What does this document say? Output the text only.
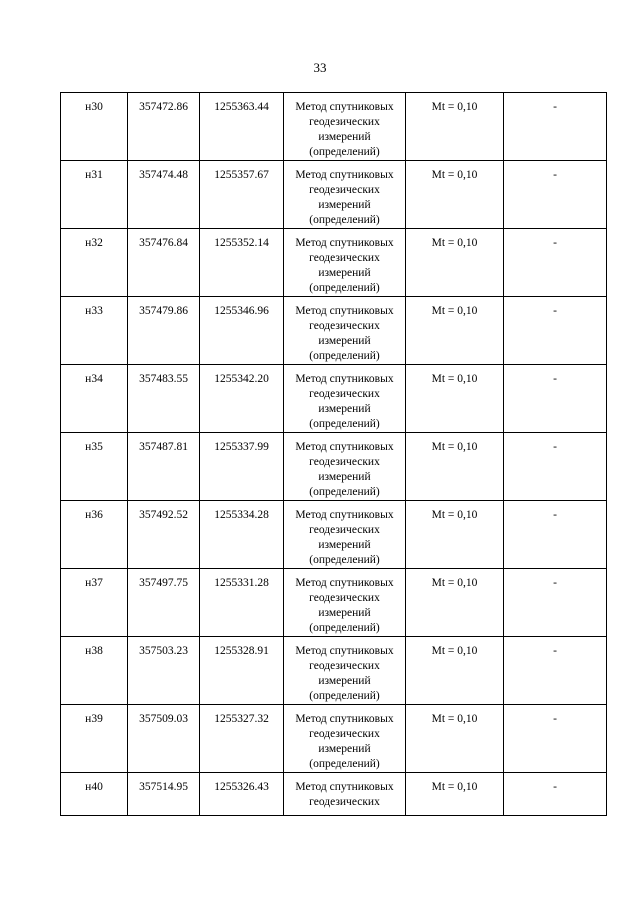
33
н30	357472.86	1255363.44	Метод спутниковых
геодезических
измерений
(определений)	Mt = 0,10	-
н31	357474.48	1255357.67	Метод спутниковых
геодезических
измерений
(определений)	Mt = 0,10	-
н32	357476.84	1255352.14	Метод спутниковых
геодезических
измерений
(определений)	Mt = 0,10	-
н33	357479.86	1255346.96	Метод спутниковых
геодезических
измерений
(определений)	Mt = 0,10	-
н34	357483.55	1255342.20	Метод спутниковых
геодезических
измерений
(определений)	Mt = 0,10	-
н35	357487.81	1255337.99	Метод спутниковых
геодезических
измерений
(определений)	Mt = 0,10	-
н36	357492.52	1255334.28	Метод спутниковых
геодезических
измерений
(определений)	Mt = 0,10	-
н37	357497.75	1255331.28	Метод спутниковых
геодезических
измерений
(определений)	Mt = 0,10	-
н38	357503.23	1255328.91	Метод спутниковых
геодезических
измерений
(определений)	Mt = 0,10	-
н39	357509.03	1255327.32	Метод спутниковых
геодезических
измерений
(определений)	Mt = 0,10	-
н40	357514.95	1255326.43	Метод спутниковых
геодезических	Mt = 0,10	-
